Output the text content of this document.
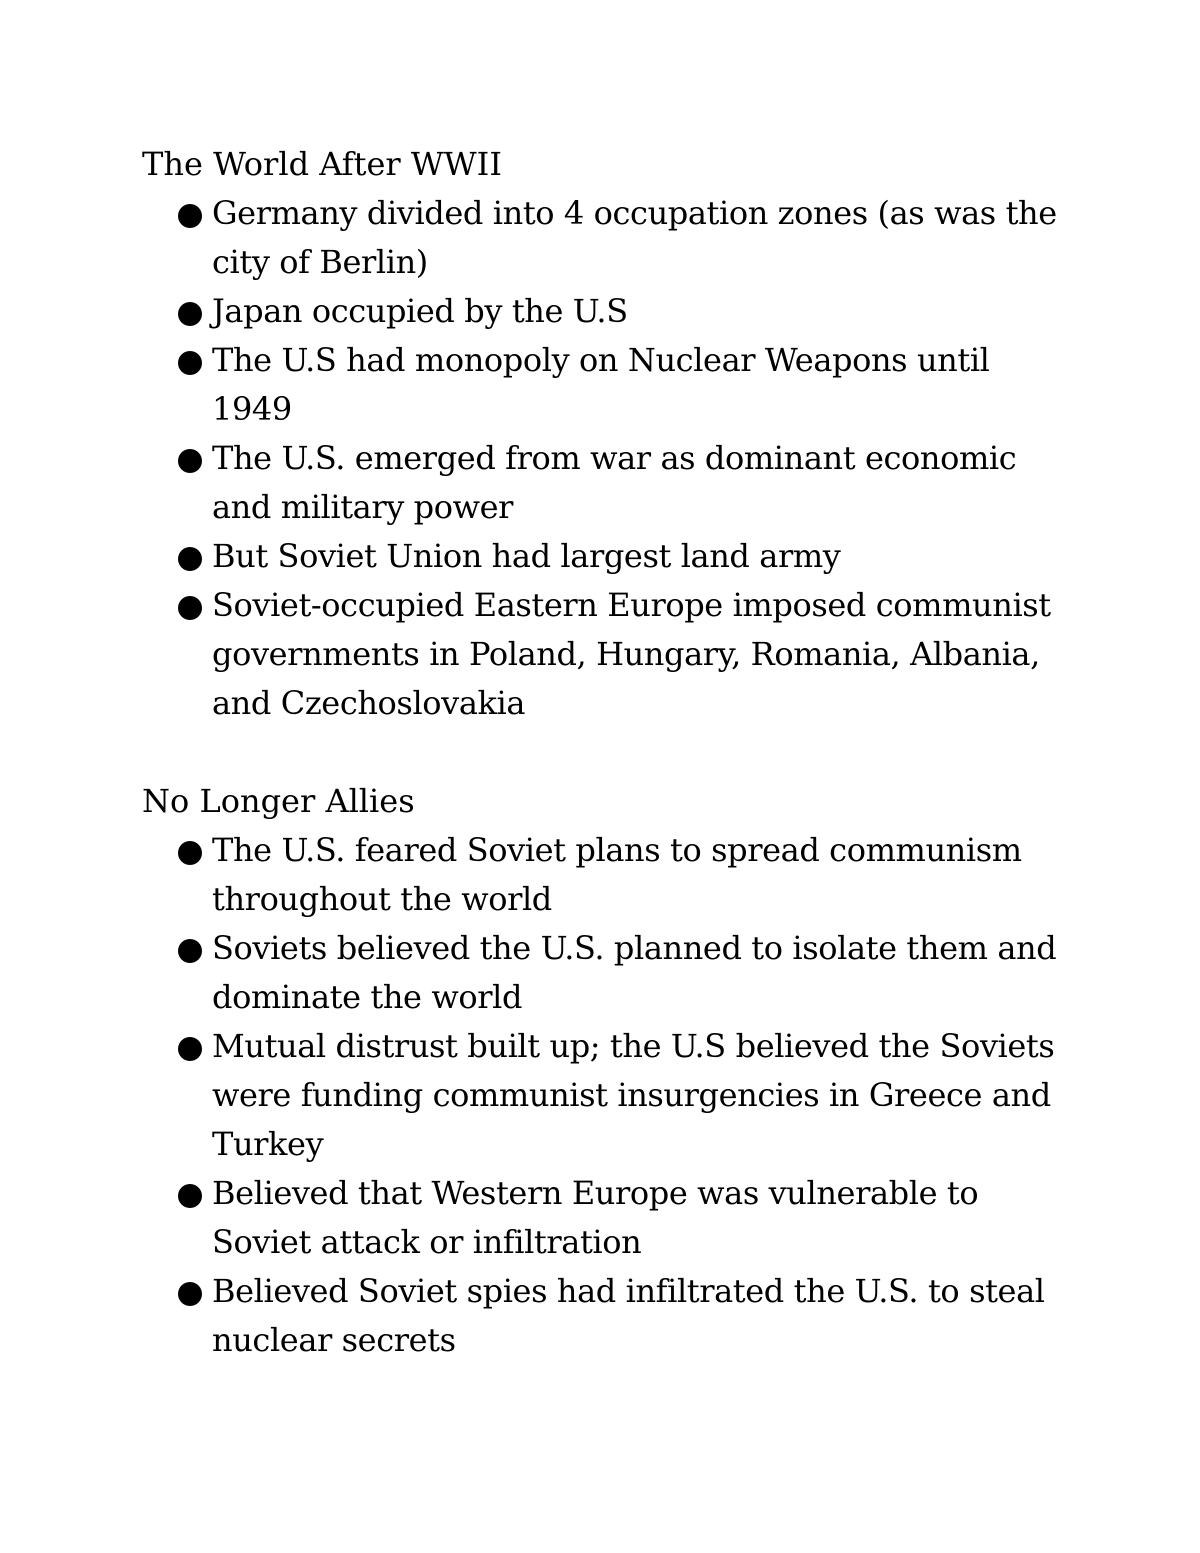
The World After WWII
Germany divided into 4 occupation zones (as was the city of Berlin)
Japan occupied by the U.S
The U.S had monopoly on Nuclear Weapons until 1949
The U.S. emerged from war as dominant economic and military power
But Soviet Union had largest land army
Soviet-occupied Eastern Europe imposed communist governments in Poland, Hungary, Romania, Albania, and Czechoslovakia
No Longer Allies
The U.S. feared Soviet plans to spread communism throughout the world
Soviets believed the U.S. planned to isolate them and dominate the world
Mutual distrust built up; the U.S believed the Soviets were funding communist insurgencies in Greece and Turkey
Believed that Western Europe was vulnerable to Soviet attack or infiltration
Believed Soviet spies had infiltrated the U.S. to steal nuclear secrets
